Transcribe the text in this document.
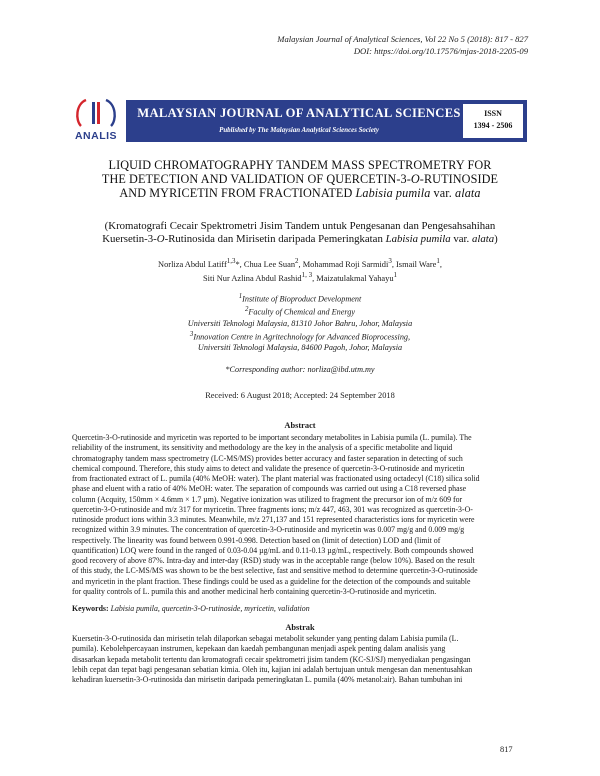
Malaysian Journal of Analytical Sciences, Vol 22 No 5 (2018): 817 - 827
DOI: https://doi.org/10.17576/mjas-2018-2205-09
ANALIS
MALAYSIAN JOURNAL OF ANALYTICAL SCIENCES
Published by The Malaysian Analytical Sciences Society
ISSN
1394 - 2506
LIQUID CHROMATOGRAPHY TANDEM MASS SPECTROMETRY FOR
THE DETECTION AND VALIDATION OF QUERCETIN-3-O-RUTINOSIDE
AND MYRICETIN FROM FRACTIONATED Labisia pumila var. alata
(Kromatografi Cecair Spektrometri Jisim Tandem untuk Pengesanan dan Pengesahsahihan
Kuersetin-3-O-Rutinosida dan Mirisetin daripada Pemeringkatan Labisia pumila var. alata)
Norliza Abdul Latiff$^{1,3}$*, Chua Lee Suan$^2$, Mohammad Roji Sarmidi$^3$, Ismail Ware$^1$,
Siti Nur Azlina Abdul Rashid$^{1, 3}$, Maizatulakmal Yahayu$^1$
$^1$Institute of Bioproduct Development
$^2$Faculty of Chemical and Energy
Universiti Teknologi Malaysia, 81310 Johor Bahru, Johor, Malaysia
$^3$Innovation Centre in Agritechnology for Advanced Bioprocessing,
Universiti Teknologi Malaysia, 84600 Pagoh, Johor, Malaysia
*Corresponding author: norliza@ibd.utm.my
Received: 6 August 2018; Accepted: 24 September 2018
Abstract
Quercetin-3-O-rutinoside and myricetin was reported to be important secondary metabolites in Labisia pumila (L. pumila). The
reliability of the instrument, its sensitivity and methodology are the key in the analysis of a specific metabolite and liquid
chromatography tandem mass spectrometry (LC-MS/MS) provides better accuracy and faster separation in detecting of such
chemical compound. Therefore, this study aims to detect and validate the presence of quercetin-3-O-rutinoside and myricetin
from fractionated extract of L. pumila (40% MeOH: water). The plant material was fractionated using octadecyl (C18) silica solid
phase and eluent with a ratio of 40% MeOH: water. The separation of compounds was carried out using a C18 reversed phase
column (Acquity, 150mm × 4.6mm × 1.7 µm). Negative ionization was utilized to fragment the precursor ion of m/z 609 for
quercetin-3-O-rutinoside and m/z 317 for myricetin. Three fragments ions; m/z 447, 463, 301 was recognized as quercetin-3-O-
rutinoside product ions within 3.3 minutes. Meanwhile, m/z 271,137 and 151 represented characteristics ions for myricetin were
recognized within 3.9 minutes. The concentration of quercetin-3-O-rutinoside and myricetin was 0.007 mg/g and 0.009 mg/g
respectively. The linearity was found between 0.991-0.998. Detection based on (limit of detection) LOD and (limit of
quantification) LOQ were found in the ranged of 0.03-0.04 µg/mL and 0.11-0.13 µg/mL, respectively. Both compounds showed
good recovery of above 87%. Intra-day and inter-day (RSD) study was in the acceptable range (below 10%). Based on the result
of this study, the LC-MS/MS was shown to be the best selective, fast and sensitive method to determine quercetin-3-O-rutinoside
and myricetin in the plant fraction. These findings could be used as a guideline for the detection of the compounds and suitable
for quality controls of L. pumila this and another medicinal herb containing quercetin-3-O-rutinoside and myricetin.
Keywords: Labisia pumila, quercetin-3-O-rutinoside, myricetin, validation
Abstrak
Kuersetin-3-O-rutinosida dan mirisetin telah dilaporkan sebagai metabolit sekunder yang penting dalam Labisia pumila (L.
pumila). Kebolehpercayaan instrumen, kepekaan dan kaedah pembangunan menjadi aspek penting dalam analisis yang
disasarkan kepada metabolit tertentu dan kromatografi cecair spektrometri jisim tandem (KC-SJ/SJ) menyediakan pengasingan
lebih cepat dan tepat bagi pengesanan sebatian kimia. Oleh itu, kajian ini adalah bertujuan untuk mengesan dan menentusahkan
kehadiran kuersetin-3-O-rutinosida dan mirisetin daripada pemeringkatan L. pumila (40% metanol:air). Bahan tumbuhan ini
817
